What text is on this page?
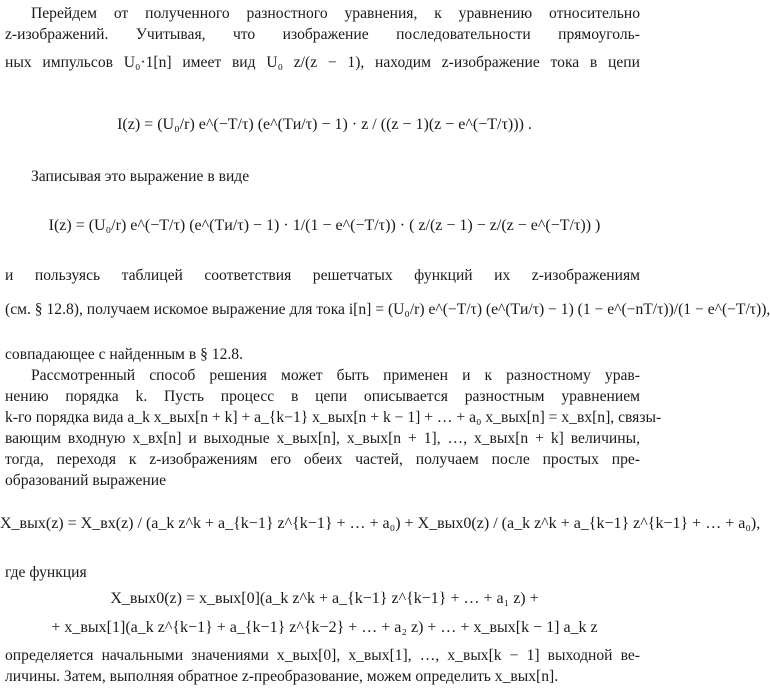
Перейдем от полученного разностного уравнения, к уравнению относительно
z-изображений. Учитывая, что изображение последовательности прямоуголь-
ных импульсов U₀·1[n] имеет вид U₀ z/(z − 1), находим z-изображение тока в цепи
I(z) = (U₀/r) e^(−T/τ) (e^(Tи/τ) − 1) · z / ((z − 1)(z − e^(−T/τ))) .
Записывая это выражение в виде
I(z) = (U₀/r) e^(−T/τ) (e^(Tи/τ) − 1) · 1/(1 − e^(−T/τ)) · ( z/(z − 1) − z/(z − e^(−T/τ)) )
и пользуясь таблицей соответствия решетчатых функций их z-изображениям
(см. § 12.8), получаем искомое выражение для тока i[n] = (U₀/r) e^(−T/τ) (e^(Tи/τ) − 1) (1 − e^(−nT/τ))/(1 − e^(−T/τ)),
совпадающее с найденным в § 12.8.
Рассмотренный способ решения может быть применен и к разностному урав-
нению порядка k. Пусть процесс в цепи описывается разностным уравнением
k-го порядка вида a_k x_вых[n + k] + a_{k−1} x_вых[n + k − 1] + … + a₀ x_вых[n] = x_вх[n], связы-
вающим входную x_вх[n] и выходные x_вых[n], x_вых[n + 1], …, x_вых[n + k] величины,
тогда, переходя к z-изображениям его обеих частей, получаем после простых пре-
образований выражение
X_вых(z) = X_вх(z) / (a_k z^k + a_{k−1} z^{k−1} + … + a₀) + X_вых0(z) / (a_k z^k + a_{k−1} z^{k−1} + … + a₀),
где функция
X_вых0(z) = x_вых[0](a_k z^k + a_{k−1} z^{k−1} + … + a₁ z) +
+ x_вых[1](a_k z^{k−1} + a_{k−1} z^{k−2} + … + a₂ z) + … + x_вых[k − 1] a_k z
определяется начальными значениями x_вых[0], x_вых[1], …, x_вых[k − 1] выходной ве-
личины. Затем, выполняя обратное z-преобразование, можем определить x_вых[n].
